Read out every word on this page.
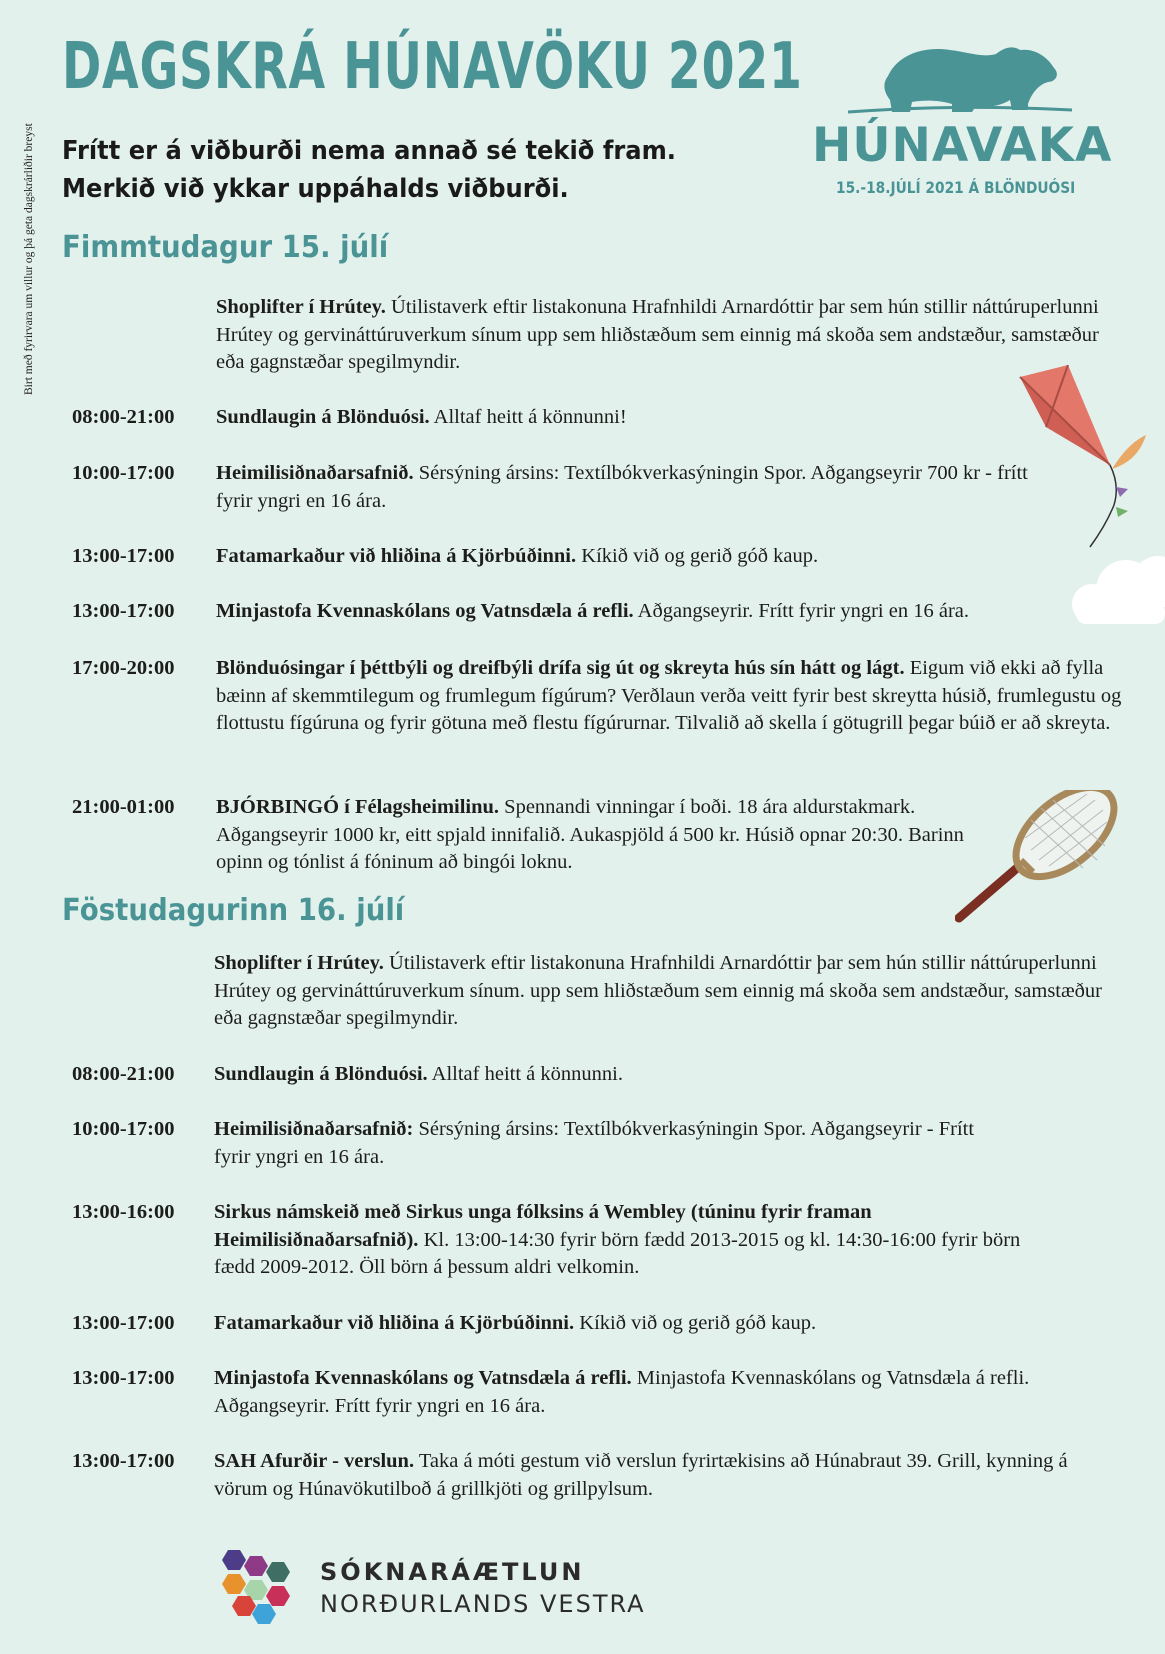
Birt með fyrirvara um villur og þá geta dagskrárliðir breyst
DAGSKRÁ HÚNAVÖKU 2021
Frítt er á viðburði nema annað sé tekið fram.
Merkið við ykkar uppáhalds viðburði.
HÚNAVAKA
15.-18.JÚLÍ 2021 Á BLÖNDUÓSI
Fimmtudagur 15. júlí
Shoplifter í Hrútey. Útilistaverk eftir listakonuna Hrafnhildi Arnardóttir þar sem hún stillir náttúruperlunni Hrútey og gervináttúruverkum sínum upp sem hliðstæðum sem einnig má skoða sem andstæður, samstæður eða gagnstæðar spegilmyndir.
08:00-21:00	Sundlaugin á Blönduósi. Alltaf heitt á könnunni!
10:00-17:00	Heimilisiðnaðarsafnið. Sérsýning ársins: Textílbókverkasýningin Spor. Aðgangseyrir 700 kr - frítt fyrir yngri en 16 ára.
13:00-17:00	Fatamarkaður við hliðina á Kjörbúðinni. Kíkið við og gerið góð kaup.
13:00-17:00	Minjastofa Kvennaskólans og Vatnsdæla á refli. Aðgangseyrir. Frítt fyrir yngri en 16 ára.
17:00-20:00	Blönduósingar í þéttbýli og dreifbýli drífa sig út og skreyta hús sín hátt og lágt. Eigum við ekki að fylla bæinn af skemmtilegum og frumlegum fígúrum? Verðlaun verða veitt fyrir best skreytta húsið, frumlegustu og flottustu fígúruna og fyrir götuna með flestu fígúrurnar. Tilvalið að skella í götugrill þegar búið er að skreyta.
21:00-01:00	BJÓRBINGÓ í Félagsheimilinu. Spennandi vinningar í boði. 18 ára aldurstakmark. Aðgangseyrir 1000 kr, eitt spjald innifalið. Aukaspjöld á 500 kr. Húsið opnar 20:30. Barinn opinn og tónlist á fóninum að bingói loknu.
Föstudagurinn 16. júlí
Shoplifter í Hrútey. Útilistaverk eftir listakonuna Hrafnhildi Arnardóttir þar sem hún stillir náttúruperlunni Hrútey og gervináttúruverkum sínum. upp sem hliðstæðum sem einnig má skoða sem andstæður, samstæður eða gagnstæðar spegilmyndir.
08:00-21:00	Sundlaugin á Blönduósi. Alltaf heitt á könnunni.
10:00-17:00	Heimilisiðnaðarsafnið: Sérsýning ársins: Textílbókverkasýningin Spor. Aðgangseyrir - Frítt fyrir yngri en 16 ára.
13:00-16:00	Sirkus námskeið með Sirkus unga fólksins á Wembley (túninu fyrir framan Heimilisiðnaðarsafnið). Kl. 13:00-14:30 fyrir börn fædd 2013-2015 og kl. 14:30-16:00 fyrir börn fædd 2009-2012. Öll börn á þessum aldri velkomin.
13:00-17:00	Fatamarkaður við hliðina á Kjörbúðinni. Kíkið við og gerið góð kaup.
13:00-17:00	Minjastofa Kvennaskólans og Vatnsdæla á refli. Minjastofa Kvennaskólans og Vatnsdæla á refli. Aðgangseyrir. Frítt fyrir yngri en 16 ára.
13:00-17:00	SAH Afurðir - verslun. Taka á móti gestum við verslun fyrirtækisins að Húnabraut 39. Grill, kynning á vörum og Húnavökutilboð á grillkjöti og grillpylsum.
SÓKNARÁÆTLUN
NORÐURLANDS VESTRA
